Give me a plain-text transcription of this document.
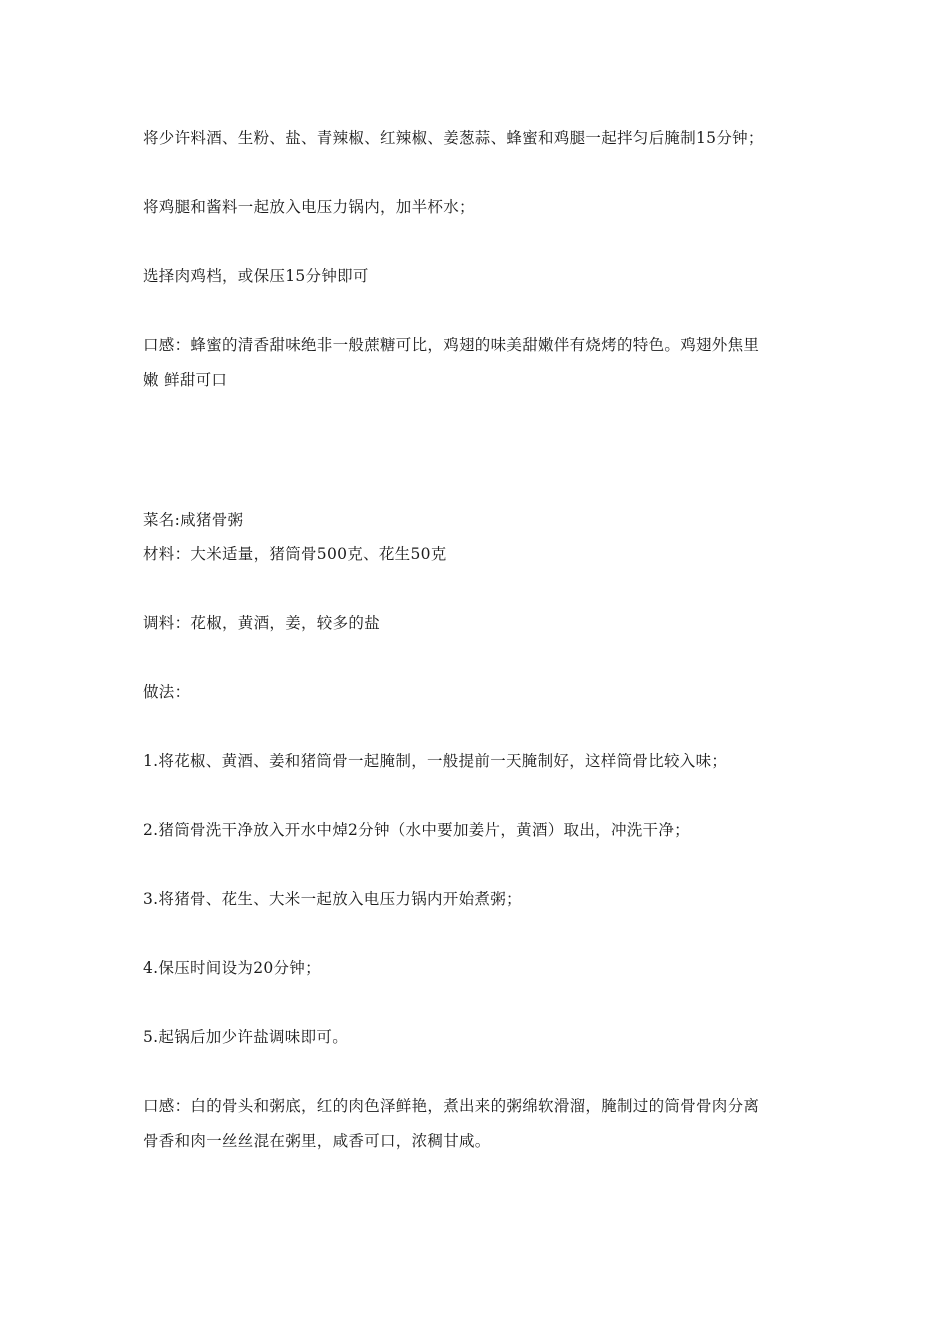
将少许料酒、生粉、盐、青辣椒、红辣椒、姜葱蒜、蜂蜜和鸡腿一起拌匀后腌制15分钟；
将鸡腿和酱料一起放入电压力锅内，加半杯水；
选择肉鸡档，或保压15分钟即可
口感：蜂蜜的清香甜味绝非一般蔗糖可比，鸡翅的味美甜嫩伴有烧烤的特色。鸡翅外焦里
嫩 鲜甜可口
菜名:咸猪骨粥
材料：大米适量，猪筒骨500克、花生50克
调料：花椒，黄酒，姜，较多的盐
做法：
1.将花椒、黄酒、姜和猪筒骨一起腌制，一般提前一天腌制好，这样筒骨比较入味；
2.猪筒骨洗干净放入开水中焯2分钟（水中要加姜片，黄酒）取出，冲洗干净；
3.将猪骨、花生、大米一起放入电压力锅内开始煮粥；
4.保压时间设为20分钟；
5.起锅后加少许盐调味即可。
口感：白的骨头和粥底，红的肉色泽鲜艳，煮出来的粥绵软滑溜，腌制过的筒骨骨肉分离
骨香和肉一丝丝混在粥里，咸香可口，浓稠甘咸。
